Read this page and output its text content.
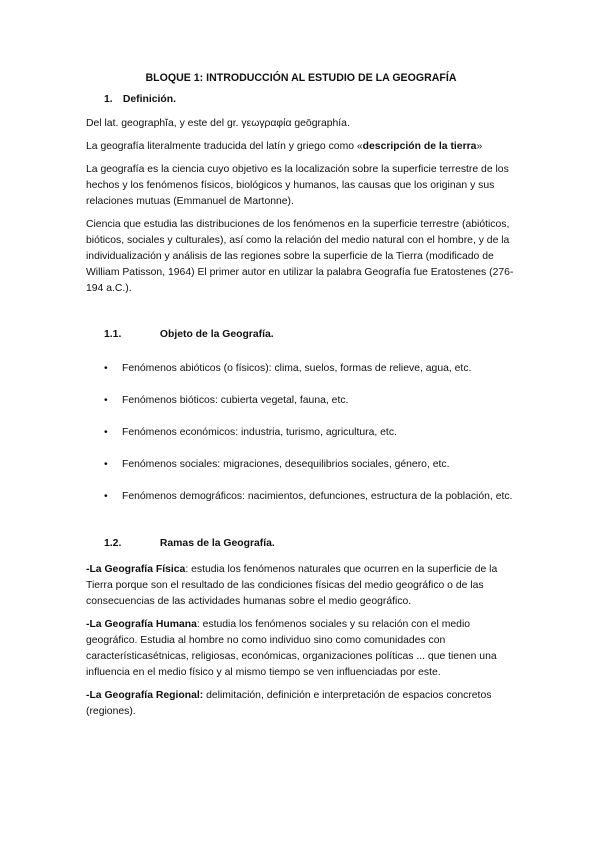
BLOQUE 1: INTRODUCCIÓN AL ESTUDIO DE LA GEOGRAFÍA
1. Definición.

Del lat. geographĭa, y este del gr. γεωγραφία geōgraphía.

La geografía literalmente traducida del latín y griego como «descripción de la tierra»

La geografía es la ciencia cuyo objetivo es la localización sobre la superficie terrestre de los hechos y los fenómenos físicos, biológicos y humanos, las causas que los originan y sus relaciones mutuas (Emmanuel de Martonne).

Ciencia que estudia las distribuciones de los fenómenos en la superficie terrestre (abióticos, bióticos, sociales y culturales), así como la relación del medio natural con el hombre, y de la individualización y análisis de las regiones sobre la superficie de la Tierra (modificado de William Patisson, 1964) El primer autor en utilizar la palabra Geografía fue Eratostenes (276-194 a.C.).

1.1.	Objeto de la Geografía.
• Fenómenos abióticos (o físicos): clima, suelos, formas de relieve, agua, etc.
• Fenómenos bióticos: cubierta vegetal, fauna, etc.
• Fenómenos económicos: industria, turismo, agricultura, etc.
• Fenómenos sociales: migraciones, desequilibrios sociales, género, etc.
• Fenómenos demográficos: nacimientos, defunciones, estructura de la población, etc.
1.2.	Ramas de la Geografía.

-La Geografía Física: estudia los fenómenos naturales que ocurren en la superficie de la Tierra porque son el resultado de las condiciones físicas del medio geográfico o de las consecuencias de las actividades humanas sobre el medio geográfico.

-La Geografía Humana: estudia los fenómenos sociales y su relación con el medio geográfico. Estudia al hombre no como individuo sino como comunidades con característicasétnicas, religiosas, económicas, organizaciones políticas ... que tienen una influencia en el medio físico y al mismo tiempo se ven influenciadas por este.

-La Geografía Regional: delimitación, definición e interpretación de espacios concretos (regiones).
